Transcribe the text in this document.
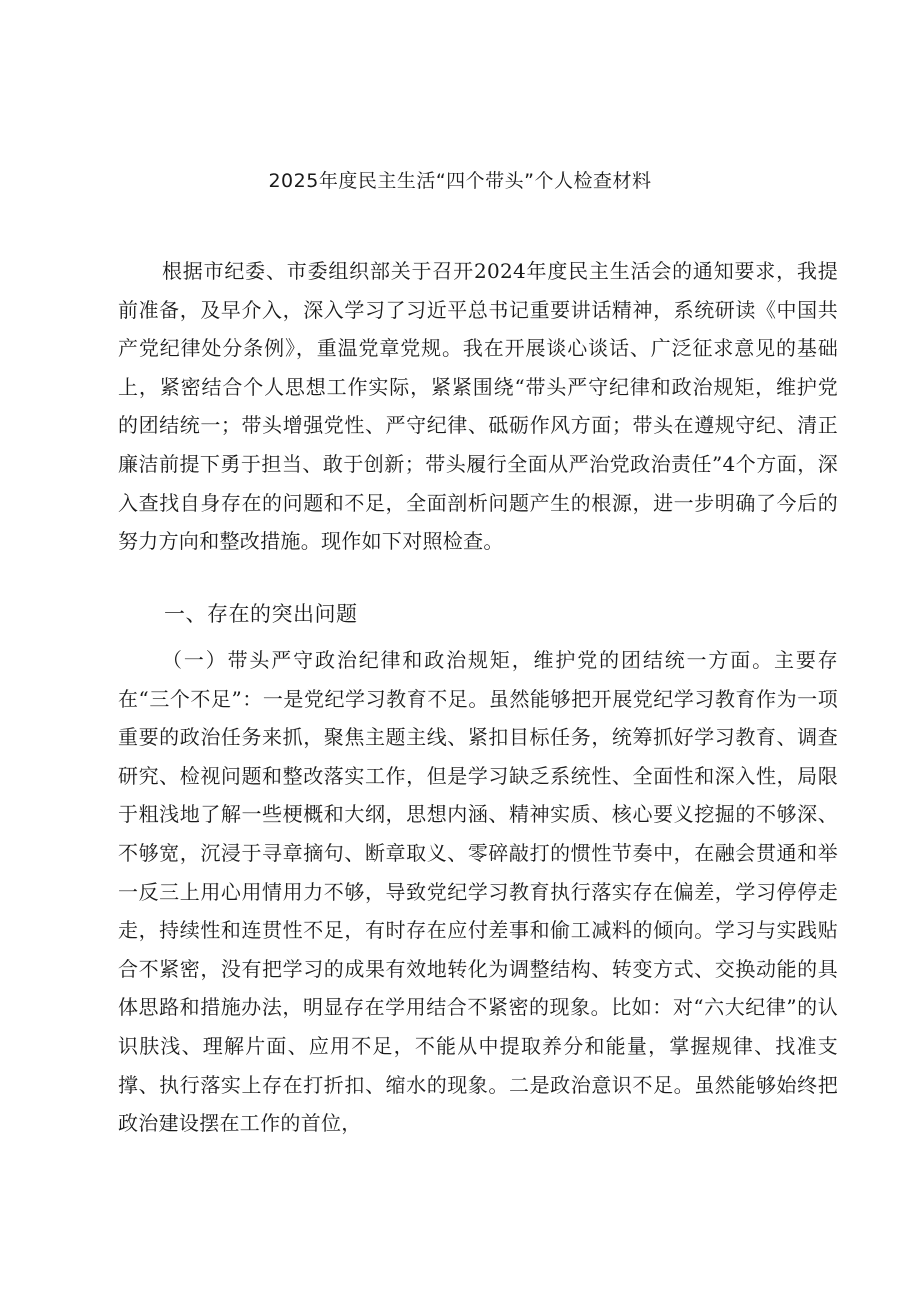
2025年度民主生活“四个带头”个人检查材料

根据市纪委、市委组织部关于召开2024年度民主生活会的通知要求，我提前准备，及早介入，深入学习了习近平总书记重要讲话精神，系统研读《中国共产党纪律处分条例》，重温党章党规。我在开展谈心谈话、广泛征求意见的基础上，紧密结合个人思想工作实际，紧紧围绕“带头严守纪律和政治规矩，维护党的团结统一；带头增强党性、严守纪律、砥砺作风方面；带头在遵规守纪、清正廉洁前提下勇于担当、敢于创新；带头履行全面从严治党政治责任”4个方面，深入查找自身存在的问题和不足，全面剖析问题产生的根源，进一步明确了今后的努力方向和整改措施。现作如下对照检查。

一、存在的突出问题

（一）带头严守政治纪律和政治规矩，维护党的团结统一方面。主要存在“三个不足”：一是党纪学习教育不足。虽然能够把开展党纪学习教育作为一项重要的政治任务来抓，聚焦主题主线、紧扣目标任务，统筹抓好学习教育、调查研究、检视问题和整改落实工作，但是学习缺乏系统性、全面性和深入性，局限于粗浅地了解一些梗概和大纲，思想内涵、精神实质、核心要义挖掘的不够深、不够宽，沉浸于寻章摘句、断章取义、零碎敲打的惯性节奏中，在融会贯通和举一反三上用心用情用力不够，导致党纪学习教育执行落实存在偏差，学习停停走走，持续性和连贯性不足，有时存在应付差事和偷工减料的倾向。学习与实践贴合不紧密，没有把学习的成果有效地转化为调整结构、转变方式、交换动能的具体思路和措施办法，明显存在学用结合不紧密的现象。比如：对“六大纪律”的认识肤浅、理解片面、应用不足，不能从中提取养分和能量，掌握规律、找准支撑、执行落实上存在打折扣、缩水的现象。二是政治意识不足。虽然能够始终把政治建设摆在工作的首位，
